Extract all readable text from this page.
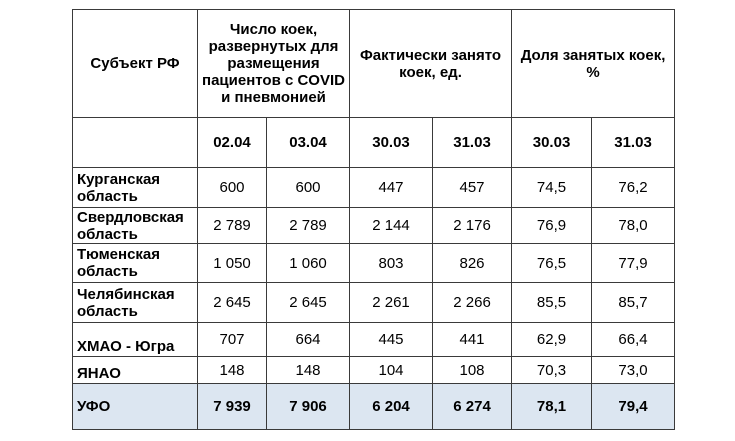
Субъект РФ	Число коек, развернутых для размещения пациентов с COVID и пневмонией		Фактически занято коек, ед.		Доля занятых коек, %	
	02.04	03.04	30.03	31.03	30.03	31.03
Курганская область	600	600	447	457	74,5	76,2
Свердловская область	2 789	2 789	2 144	2 176	76,9	78,0
Тюменская область	1 050	1 060	803	826	76,5	77,9
Челябинская область	2 645	2 645	2 261	2 266	85,5	85,7
ХМАО - Югра	707	664	445	441	62,9	66,4
ЯНАО	148	148	104	108	70,3	73,0
УФО	7 939	7 906	6 204	6 274	78,1	79,4
